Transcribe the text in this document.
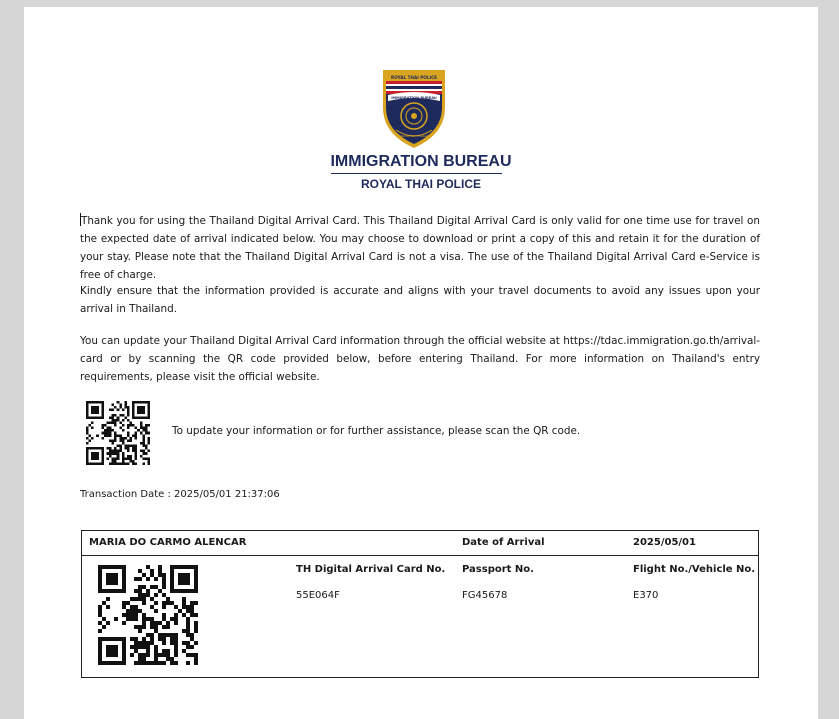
ROYAL THAI POLICE
IMMIGRATION BUREAU
KINGDOM OF THAILAND
IMMIGRATION BUREAU
ROYAL THAI POLICE

Thank you for using the Thailand Digital Arrival Card. This Thailand Digital Arrival Card is only valid for one time use for travel on the expected date of arrival indicated below. You may choose to download or print a copy of this and retain it for the duration of your stay. Please note that the Thailand Digital Arrival Card is not a visa. The use of the Thailand Digital Arrival Card e-Service is free of charge.

Kindly ensure that the information provided is accurate and aligns with your travel documents to avoid any issues upon your arrival in Thailand.

You can update your Thailand Digital Arrival Card information through the official website at https://tdac.immigration.go.th/arrival-card or by scanning the QR code provided below, before entering Thailand. For more information on Thailand's entry requirements, please visit the official website.

To update your information or for further assistance, please scan the QR code.
Transaction Date : 2025/05/01 21:37:06
MARIA DO CARMO ALENCAR	Date of Arrival	2025/05/01
TH Digital Arrival Card No.
55E064F
Passport No.
FG45678
Flight No./Vehicle No.
E370
